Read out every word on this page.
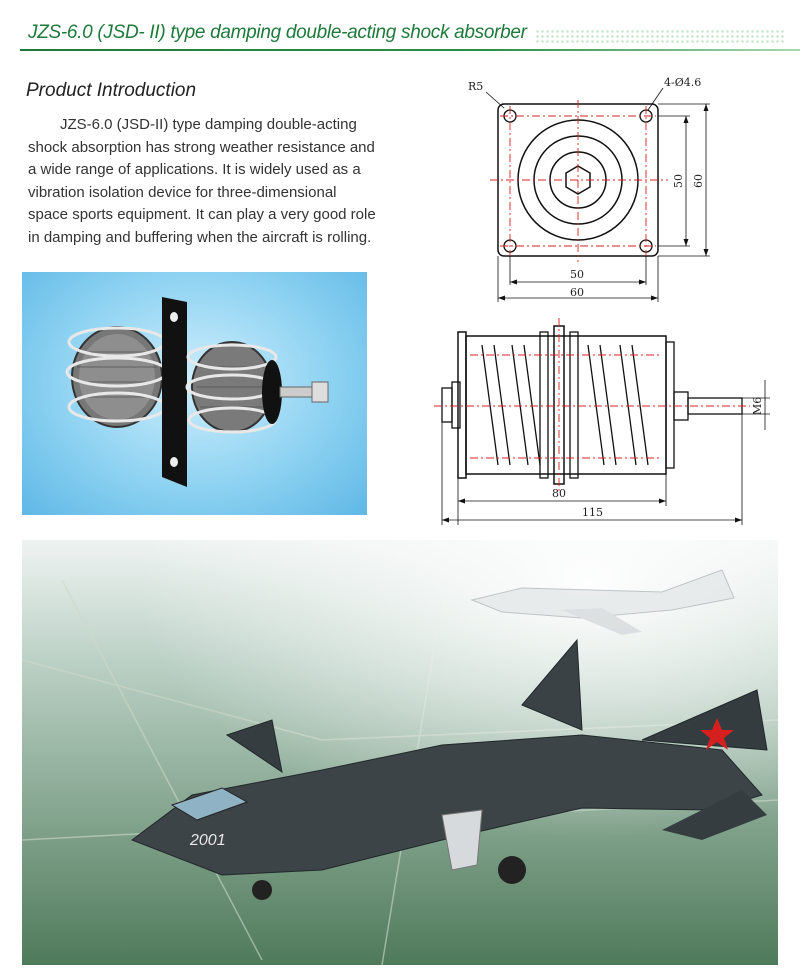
JZS-6.0 (JSD- II) type damping double-acting shock absorber
Product Introduction

JZS-6.0 (JSD-II) type damping double-acting shock absorption has strong weather resistance and a wide range of applications. It is widely used as a vibration isolation device for three-dimensional space sports equipment. It can play a very good role in damping and buffering when the aircraft is rolling.

R5	4-Ø4.6
50
60
50 60
M6
80
115
2001
